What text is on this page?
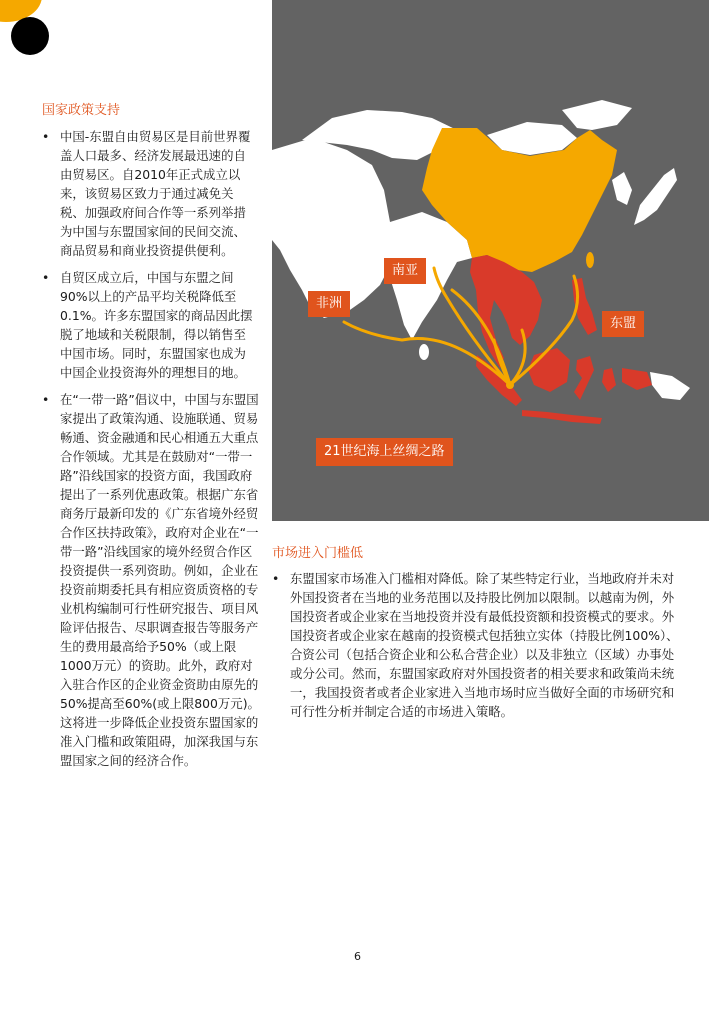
南亚
非洲
东盟
21世纪海上丝绸之路
国家政策支持
• 中国-东盟自由贸易区是目前世界覆盖人口最多、经济发展最迅速的自由贸易区。自2010年正式成立以来，该贸易区致力于通过减免关税、加强政府间合作等一系列举措为中国与东盟国家间的民间交流、商品贸易和商业投资提供便利。
• 自贸区成立后，中国与东盟之间90%以上的产品平均关税降低至0.1%。许多东盟国家的商品因此摆脱了地域和关税限制，得以销售至中国市场。同时，东盟国家也成为中国企业投资海外的理想目的地。
• 在“一带一路”倡议中，中国与东盟国家提出了政策沟通、设施联通、贸易畅通、资金融通和民心相通五大重点合作领域。尤其是在鼓励对“一带一路”沿线国家的投资方面，我国政府提出了一系列优惠政策。根据广东省商务厅最新印发的《广东省境外经贸合作区扶持政策》，政府对企业在“一带一路”沿线国家的境外经贸合作区投资提供一系列资助。例如，企业在投资前期委托具有相应资质资格的专业机构编制可行性研究报告、项目风险评估报告、尽职调查报告等服务产生的费用最高给予50%（或上限1000万元）的资助。此外，政府对入驻合作区的企业资金资助由原先的50%提高至60%(或上限800万元)。这将进一步降低企业投资东盟国家的准入门槛和政策阻碍，加深我国与东盟国家之间的经济合作。
市场进入门槛低
• 东盟国家市场准入门槛相对降低。除了某些特定行业，当地政府并未对外国投资者在当地的业务范围以及持股比例加以限制。以越南为例，外国投资者或企业家在当地投资并没有最低投资额和投资模式的要求。外国投资者或企业家在越南的投资模式包括独立实体（持股比例100%）、合资公司（包括合资企业和公私合营企业）以及非独立（区域）办事处或分公司。然而，东盟国家政府对外国投资者的相关要求和政策尚未统一，我国投资者或者企业家进入当地市场时应当做好全面的市场研究和可行性分析并制定合适的市场进入策略。
6
